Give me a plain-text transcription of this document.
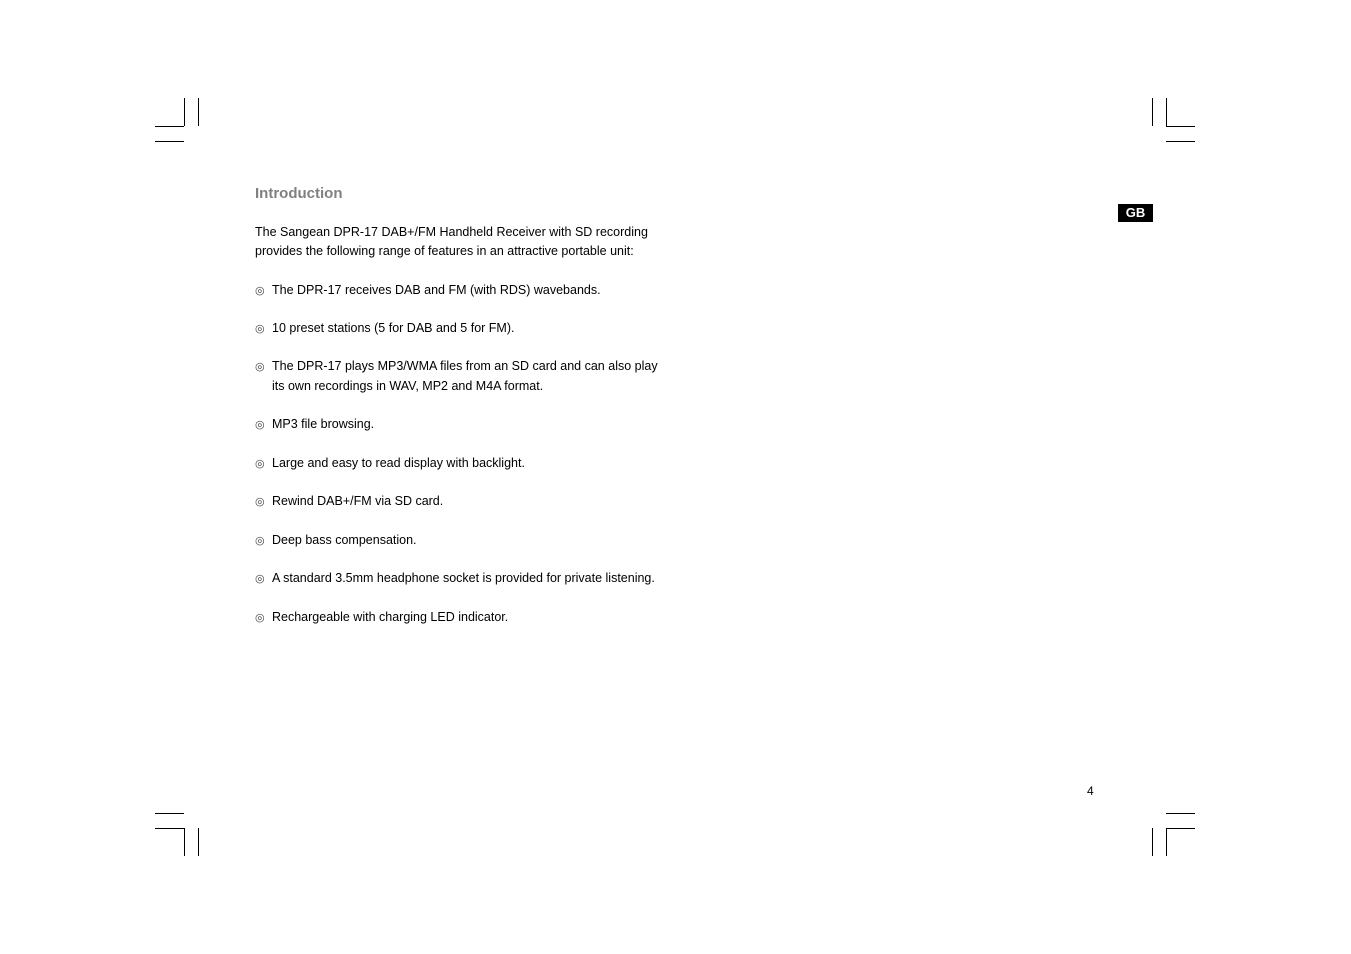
Introduction
The Sangean DPR-17 DAB+/FM Handheld Receiver with SD recording
provides the following range of features in an attractive portable unit:
◎ The DPR-17 receives DAB and FM (with RDS) wavebands.
◎ 10 preset stations (5 for DAB and 5 for FM).
◎ The DPR-17 plays MP3/WMA files from an SD card and can also play
its own recordings in WAV, MP2 and M4A format.
◎ MP3 file browsing.
◎ Large and easy to read display with backlight.
◎ Rewind DAB+/FM via SD card.
◎ Deep bass compensation.
◎ A standard 3.5mm headphone socket is provided for private listening.
◎ Rechargeable with charging LED indicator.
GB
4
